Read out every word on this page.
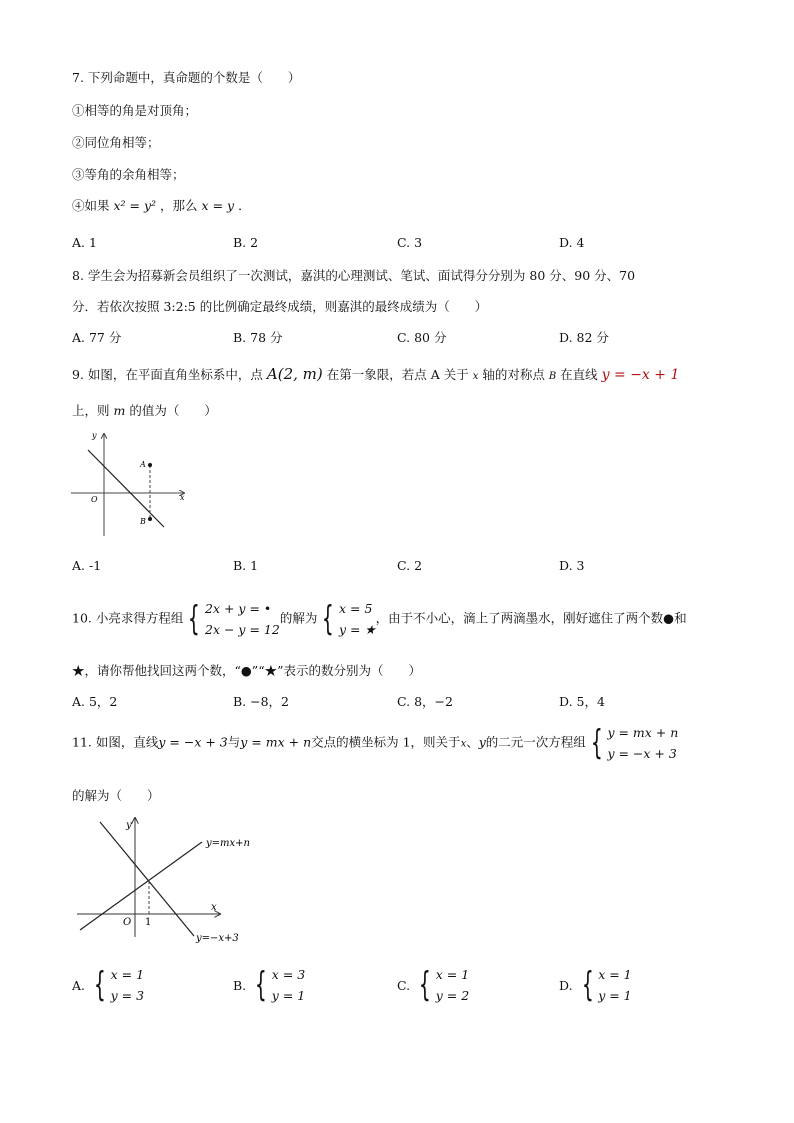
7. 下列命题中，真命题的个数是（　　）
①相等的角是对顶角；
②同位角相等；
③等角的余角相等；
④如果 x² = y² ，那么 x = y ．
A. 1	B. 2	C. 3	D. 4
8. 学生会为招募新会员组织了一次测试，嘉淇的心理测试、笔试、面试得分分别为 80 分、90 分、70
分．若依次按照 3:2:5 的比例确定最终成绩，则嘉淇的最终成绩为（　　）
A. 77 分	B. 78 分	C. 80 分	D. 82 分
9. 如图，在平面直角坐标系中，点 A(2, m) 在第一象限，若点 A 关于 x 轴的对称点 B 在直线 y = −x + 1
上，则 m 的值为（　　）
y
x
O
A
B
A. -1	B. 1	C. 2	D. 3
10. 小亮求得方程组 { 2x + y = •
2x − y = 12
的解为 { x = 5
y = ★
，由于不小心，滴上了两滴墨水，刚好遮住了两个数●和
★，请你帮他找回这两个数，“●”“★”表示的数分别为（　　）
A. 5，2	B. −8，2	C. 8，−2	D. 5，4
11. 如图，直线y = −x + 3与y = mx + n交点的横坐标为 1，则关于x、y的二元一次方程组 { y = mx + n
y = −x + 3
的解为（　　）
y
x
O 1
y=mx+n
y=−x+3
A. { x = 1
y = 3
B. { x = 3
y = 1
C. { x = 1
y = 2
D. { x = 1
y = 1
